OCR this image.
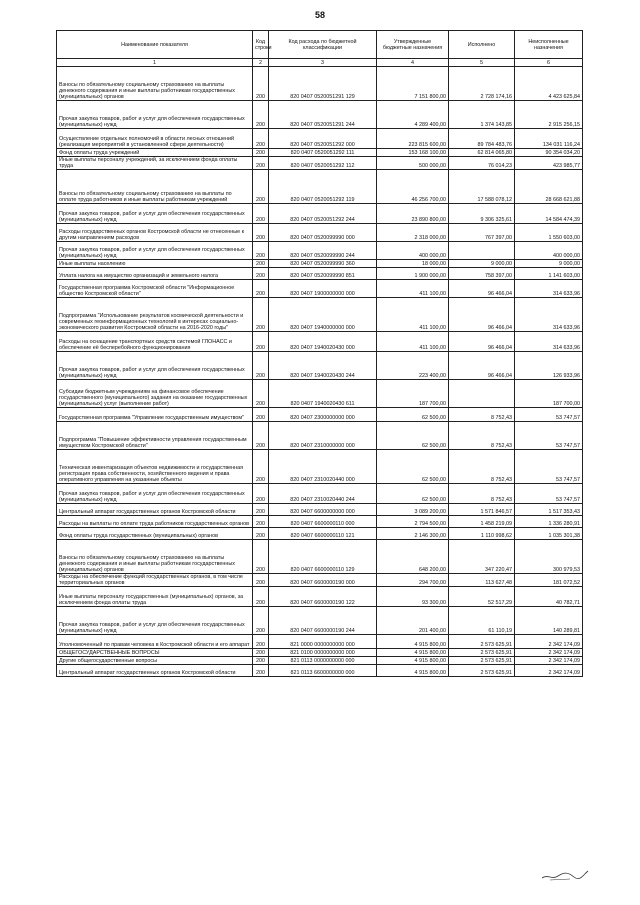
58
Наименование показателя	Код строки	Код расхода по бюджетной классификации	Утвержденные бюджетные назначения	Исполнено	Неисполненные назначения
1	2	3	4	5	6
Взносы по обязательному социальному страхованию на выплаты денежного содержания и иные выплаты работникам государственных (муниципальных) органов	200	820 0407 0520051291 129	7 151 800,00	2 728 174,16	4 423 625,84
Прочая закупка товаров, работ и услуг для обеспечения государственных (муниципальных) нужд	200	820 0407 0520051291 244	4 289 400,00	1 374 143,85	2 915 256,15
Осуществление отдельных полномочий в области лесных отношений (реализация мероприятий в установленной сфере деятельности)	200	820 0407 0520051292 000	223 815 600,00	89 784 483,76	134 031 116,24
Фонд оплаты труда учреждений	200	820 0407 0520051292 111	153 168 100,00	62 814 065,80	90 354 034,20
Иные выплаты персоналу учреждений, за исключением фонда оплаты труда	200	820 0407 0520051292 112	500 000,00	76 014,23	423 985,77
Взносы по обязательному социальному страхованию на выплаты по оплате труда работников и иные выплаты работникам учреждений	200	820 0407 0520051292 119	46 256 700,00	17 588 078,12	28 668 621,88
Прочая закупка товаров, работ и услуг для обеспечения государственных (муниципальных) нужд	200	820 0407 0520051292 244	23 890 800,00	9 306 325,61	14 584 474,39
Расходы государственных органов Костромской области не отнесенные к другим направлениям расходов	200	820 0407 0520099990 000	2 318 000,00	767 397,00	1 550 603,00
Прочая закупка товаров, работ и услуг для обеспечения государственных (муниципальных) нужд	200	820 0407 0520099990 244	400 000,00		400 000,00
Иные выплаты населению	200	820 0407 0520099990 360	18 000,00	9 000,00	9 000,00
Уплата налога на имущество организаций и земельного налога	200	820 0407 0520099990 851	1 900 000,00	758 397,00	1 141 603,00
Государственная программа Костромской области "Информационное общество Костромской области"	200	820 0407 1900000000 000	411 100,00	96 466,04	314 633,96
Подпрограмма "Использование результатов космической деятельности и современных геоинформационных технологий в интересах социально-экономического развития Костромской области на 2016-2020 годы"	200	820 0407 1940000000 000	411 100,00	96 466,04	314 633,96
Расходы на оснащение транспортных средств системой ГЛОНАСС и обеспечение её бесперебойного функционирования	200	820 0407 1940020430 000	411 100,00	96 466,04	314 633,96
Прочая закупка товаров, работ и услуг для обеспечения государственных (муниципальных) нужд	200	820 0407 1940020430 244	223 400,00	96 466,04	126 933,96
Субсидии бюджетным учреждениям на финансовое обеспечение государственного (муниципального) задания на оказание государственных (муниципальных) услуг (выполнение работ)	200	820 0407 1940020430 611	187 700,00		187 700,00
Государственная программа "Управление государственным имуществом"	200	820 0407 2300000000 000	62 500,00	8 752,43	53 747,57
Подпрограмма "Повышение эффективности управления государственным имуществом Костромской области"	200	820 0407 2310000000 000	62 500,00	8 752,43	53 747,57
Техническая инвентаризация объектов недвижимости и государственная регистрация права собственности, хозяйственного ведения и права оперативного управления на указанные объекты	200	820 0407 2310020440 000	62 500,00	8 752,43	53 747,57
Прочая закупка товаров, работ и услуг для обеспечения государственных (муниципальных) нужд	200	820 0407 2310020440 244	62 500,00	8 752,43	53 747,57
Центральный аппарат государственных органов Костромской области	200	820 0407 6600000000 000	3 089 200,00	1 571 846,57	1 517 353,43
Расходы на выплаты по оплате труда работников государственных органов	200	820 0407 6600000110 000	2 794 500,00	1 458 219,09	1 336 280,91
Фонд оплаты труда государственных (муниципальных) органов	200	820 0407 6600000110 121	2 146 300,00	1 110 998,62	1 035 301,38
Взносы по обязательному социальному страхованию на выплаты денежного содержания и иные выплаты работникам государственных (муниципальных) органов	200	820 0407 6600000110 129	648 200,00	347 220,47	300 979,53
Расходы на обеспечение функций государственных органов, в том числе территориальных органов	200	820 0407 6600000190 000	294 700,00	113 627,48	181 072,52
Иные выплаты персоналу государственных (муниципальных) органов, за исключением фонда оплаты труда	200	820 0407 6600000190 122	93 300,00	52 517,29	40 782,71
Прочая закупка товаров, работ и услуг для обеспечения государственных (муниципальных) нужд	200	820 0407 6600000190 244	201 400,00	61 110,19	140 289,81
Уполномоченный по правам человека в Костромской области и его аппарат	200	821 0000 0000000000 000	4 915 800,00	2 573 625,91	2 342 174,09
ОБЩЕГОСУДАРСТВЕННЫЕ ВОПРОСЫ	200	821 0100 0000000000 000	4 915 800,00	2 573 625,91	2 342 174,09
Другие общегосударственные вопросы	200	821 0113 0000000000 000	4 915 800,00	2 573 625,91	2 342 174,09
Центральный аппарат государственных органов Костромской области	200	821 0113 6600000000 000	4 915 800,00	2 573 625,91	2 342 174,09
